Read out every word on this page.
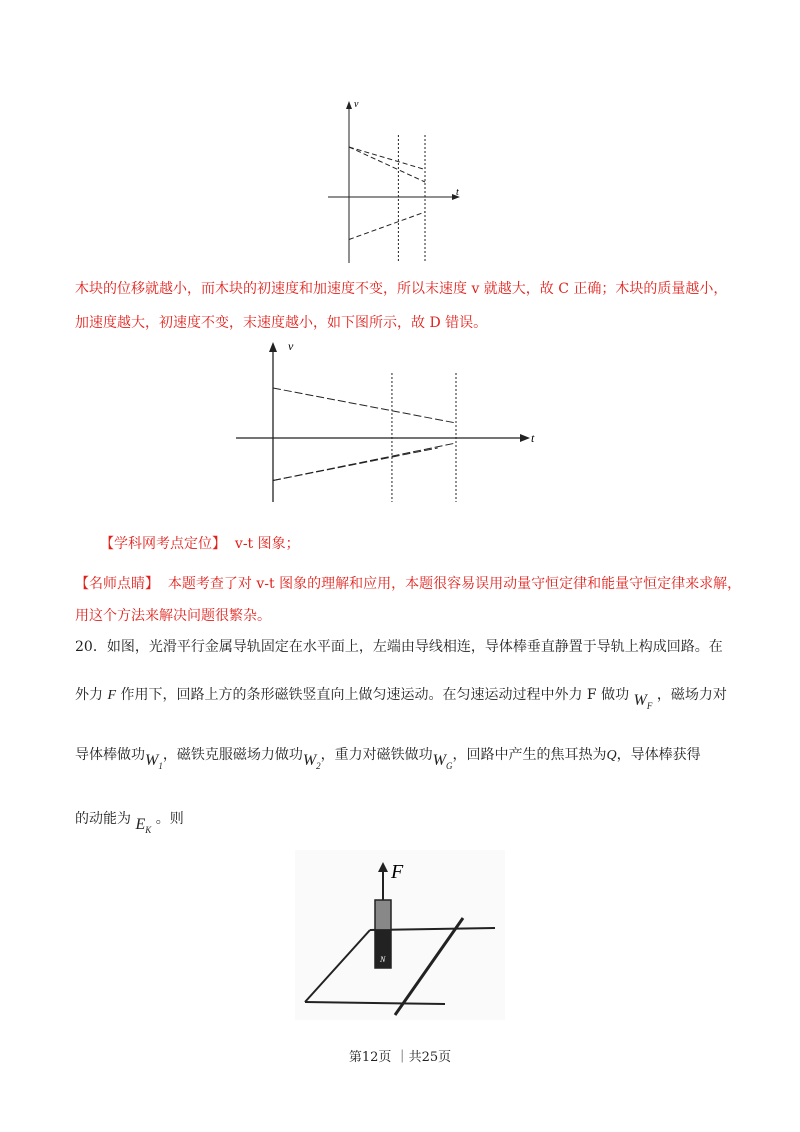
v
t
木块的位移就越小，而木块的初速度和加速度不变，所以末速度 v 就越大，故 C 正确；木块的质量越小，
加速度越大，初速度不变，末速度越小，如下图所示，故 D 错误。
v
t
【学科网考点定位】 v-t 图象；
【名师点睛】 本题考查了对 v-t 图象的理解和应用，本题很容易误用动量守恒定律和能量守恒定律来求解，
用这个方法来解决问题很繁杂。
20．如图，光滑平行金属导轨固定在水平面上，左端由导线相连，导体棒垂直静置于导轨上构成回路。在
外力 F 作用下，回路上方的条形磁铁竖直向上做匀速运动。在匀速运动过程中外力 F 做功 $W_F$ ，磁场力对
导体棒做功$W_1$，磁铁克服磁场力做功$W_2$，重力对磁铁做功$W_G$，回路中产生的焦耳热为Q，导体棒获得
的动能为 $E_K$ 。则
N
F
第12页 ｜共25页
